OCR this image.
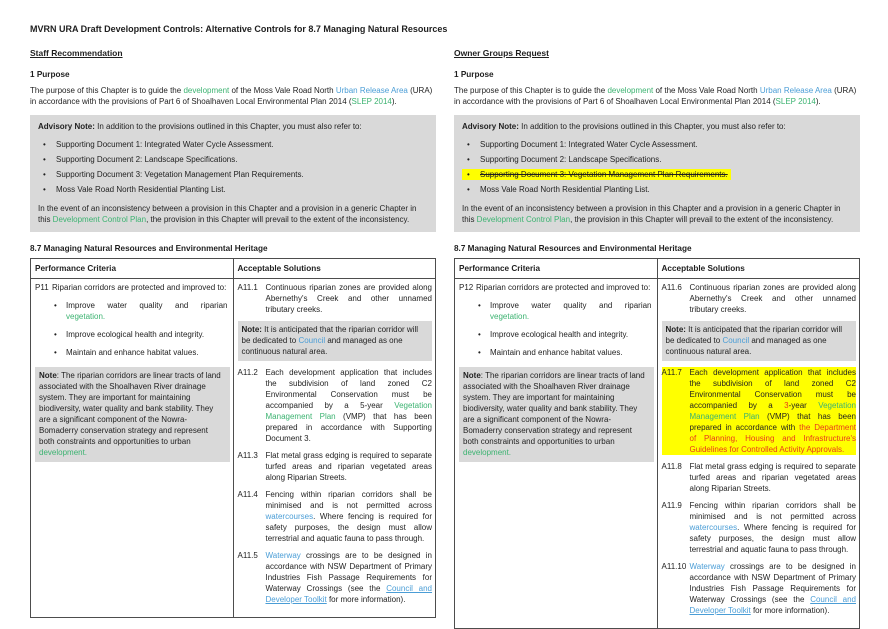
MVRN URA Draft Development Controls: Alternative Controls for 8.7 Managing Natural Resources
Staff Recommendation
1 Purpose

The purpose of this Chapter is to guide the development of the Moss Vale Road North Urban Release Area (URA) in accordance with the provisions of Part 6 of Shoalhaven Local Environmental Plan 2014 (SLEP 2014).

Advisory Note: In addition to the provisions outlined in this Chapter, you must also refer to:

• Supporting Document 1: Integrated Water Cycle Assessment.
• Supporting Document 2: Landscape Specifications.
• Supporting Document 3: Vegetation Management Plan Requirements.
• Moss Vale Road North Residential Planting List.

In the event of an inconsistency between a provision in this Chapter and a provision in a generic Chapter in this Development Control Plan, the provision in this Chapter will prevail to the extent of the inconsistency.

8.7 Managing Natural Resources and Environmental Heritage
Performance Criteria	Acceptable Solutions

P11 Riparian corridors are protected and improved to:
• Improve water quality and riparian vegetation.
• Improve ecological health and integrity.
• Maintain and enhance habitat values.
Note: The riparian corridors are linear tracts of land associated with the Shoalhaven River drainage system. They are important for maintaining biodiversity, water quality and bank stability. They are a significant component of the Nowra-Bomaderry conservation strategy and represent both constraints and opportunities to urban development.

A11.1 Continuous riparian zones are provided along Abernethy's Creek and other unnamed tributary creeks.
Note: It is anticipated that the riparian corridor will be dedicated to Council and managed as one continuous natural area.
A11.2 Each development application that includes the subdivision of land zoned C2 Environmental Conservation must be accompanied by a 5-year Vegetation Management Plan (VMP) that has been prepared in accordance with Supporting Document 3.
A11.3 Flat metal grass edging is required to separate turfed areas and riparian vegetated areas along Riparian Streets.
A11.4 Fencing within riparian corridors shall be minimised and is not permitted across watercourses. Where fencing is required for safety purposes, the design must allow terrestrial and aquatic fauna to pass through.
A11.5 Waterway crossings are to be designed in accordance with NSW Department of Primary Industries Fish Passage Requirements for Waterway Crossings (see the Council and Developer Toolkit for more information).
Owner Groups Request
1 Purpose

The purpose of this Chapter is to guide the development of the Moss Vale Road North Urban Release Area (URA) in accordance with the provisions of Part 6 of Shoalhaven Local Environmental Plan 2014 (SLEP 2014).

Advisory Note: In addition to the provisions outlined in this Chapter, you must also refer to:

• Supporting Document 1: Integrated Water Cycle Assessment.
• Supporting Document 2: Landscape Specifications.
• Supporting Document 3: Vegetation Management Plan Requirements.
• Moss Vale Road North Residential Planting List.

In the event of an inconsistency between a provision in this Chapter and a provision in a generic Chapter in this Development Control Plan, the provision in this Chapter will prevail to the extent of the inconsistency.

8.7 Managing Natural Resources and Environmental Heritage
Performance Criteria	Acceptable Solutions

P12 Riparian corridors are protected and improved to:
• Improve water quality and riparian vegetation.
• Improve ecological health and integrity.
• Maintain and enhance habitat values.
Note: The riparian corridors are linear tracts of land associated with the Shoalhaven River drainage system. They are important for maintaining biodiversity, water quality and bank stability. They are a significant component of the Nowra-Bomaderry conservation strategy and represent both constraints and opportunities to urban development.

A11.6 Continuous riparian zones are provided along Abernethy's Creek and other unnamed tributary creeks.
Note: It is anticipated that the riparian corridor will be dedicated to Council and managed as one continuous natural area.
A11.7 Each development application that includes the subdivision of land zoned C2 Environmental Conservation must be accompanied by a 3-year Vegetation Management Plan (VMP) that has been prepared in accordance with the Department of Planning, Housing and Infrastructure's Guidelines for Controlled Activity Approvals.
A11.8 Flat metal grass edging is required to separate turfed areas and riparian vegetated areas along Riparian Streets.
A11.9 Fencing within riparian corridors shall be minimised and is not permitted across watercourses. Where fencing is required for safety purposes, the design must allow terrestrial and aquatic fauna to pass through.
A11.10 Waterway crossings are to be designed in accordance with NSW Department of Primary Industries Fish Passage Requirements for Waterway Crossings (see the Council and Developer Toolkit for more information).
